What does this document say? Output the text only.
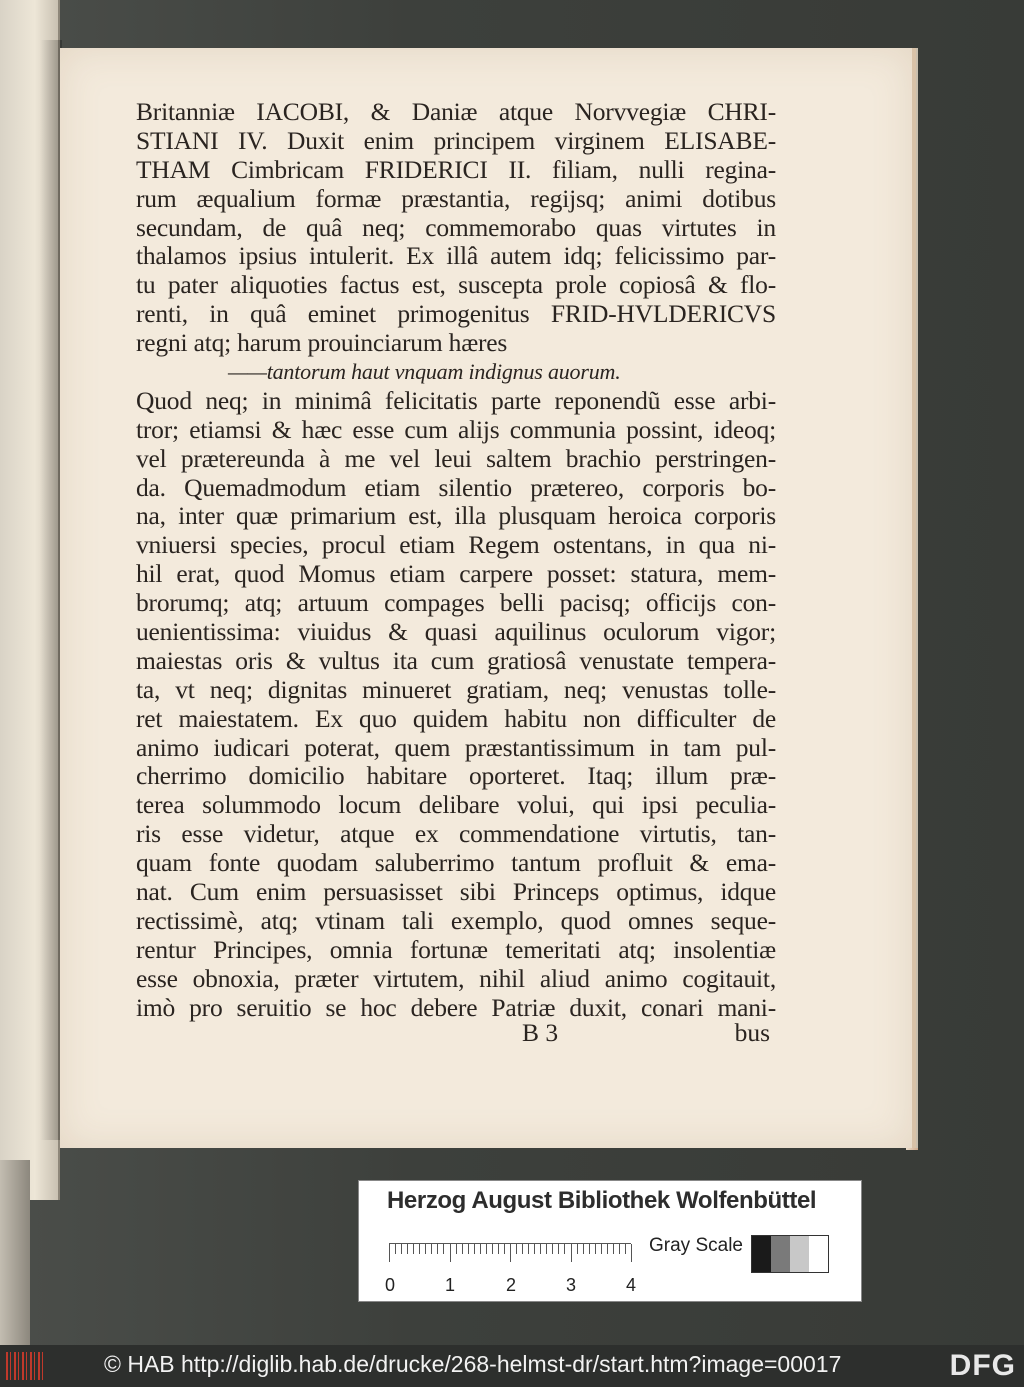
Britanniæ IACOBI, & Daniæ atque Norvvegiæ CHRI-
STIANI IV. Duxit enim principem virginem ELISABE-
THAM Cimbricam FRIDERICI II. filiam, nulli regina-
rum æqualium formæ præstantia, regijsq; animi dotibus
secundam, de quâ neq; commemorabo quas virtutes in
thalamos ipsius intulerit. Ex illâ autem idq; felicissimo par-
tu pater aliquoties factus est, suscepta prole copiosâ & flo-
renti, in quâ eminet primogenitus FRID-HVLDERICVS
regni atq; harum prouinciarum hæres
——tantorum haut vnquam indignus auorum.
Quod neq; in minimâ felicitatis parte reponendũ esse arbi-
tror; etiamsi & hæc esse cum alijs communia possint, ideoq;
vel prætereunda à me vel leui saltem brachio perstringen-
da. Quemadmodum etiam silentio prætereo, corporis bo-
na, inter quæ primarium est, illa plusquam heroica corporis
vniuersi species, procul etiam Regem ostentans, in qua ni-
hil erat, quod Momus etiam carpere posset: statura, mem-
brorumq; atq; artuum compages belli pacisq; officijs con-
uenientissima: viuidus & quasi aquilinus oculorum vigor;
maiestas oris & vultus ita cum gratiosâ venustate tempera-
ta, vt neq; dignitas minueret gratiam, neq; venustas tolle-
ret maiestatem. Ex quo quidem habitu non difficulter de
animo iudicari poterat, quem præstantissimum in tam pul-
cherrimo domicilio habitare oporteret. Itaq; illum præ-
terea solummodo locum delibare volui, qui ipsi peculia-
ris esse videtur, atque ex commendatione virtutis, tan-
quam fonte quodam saluberrimo tantum profluit & ema-
nat. Cum enim persuasisset sibi Princeps optimus, idque
rectissimè, atq; vtinam tali exemplo, quod omnes seque-
rentur Principes, omnia fortunæ temeritati atq; insolentiæ
esse obnoxia, præter virtutem, nihil aliud animo cogitauit,
imò pro seruitio se hoc debere Patriæ duxit, conari mani-
B 3	bus
Herzog August Bibliothek Wolfenbüttel
0	1	2	3	4
Gray Scale
© HAB http://diglib.hab.de/drucke/268-helmst-dr/start.htm?image=00017	DFG
